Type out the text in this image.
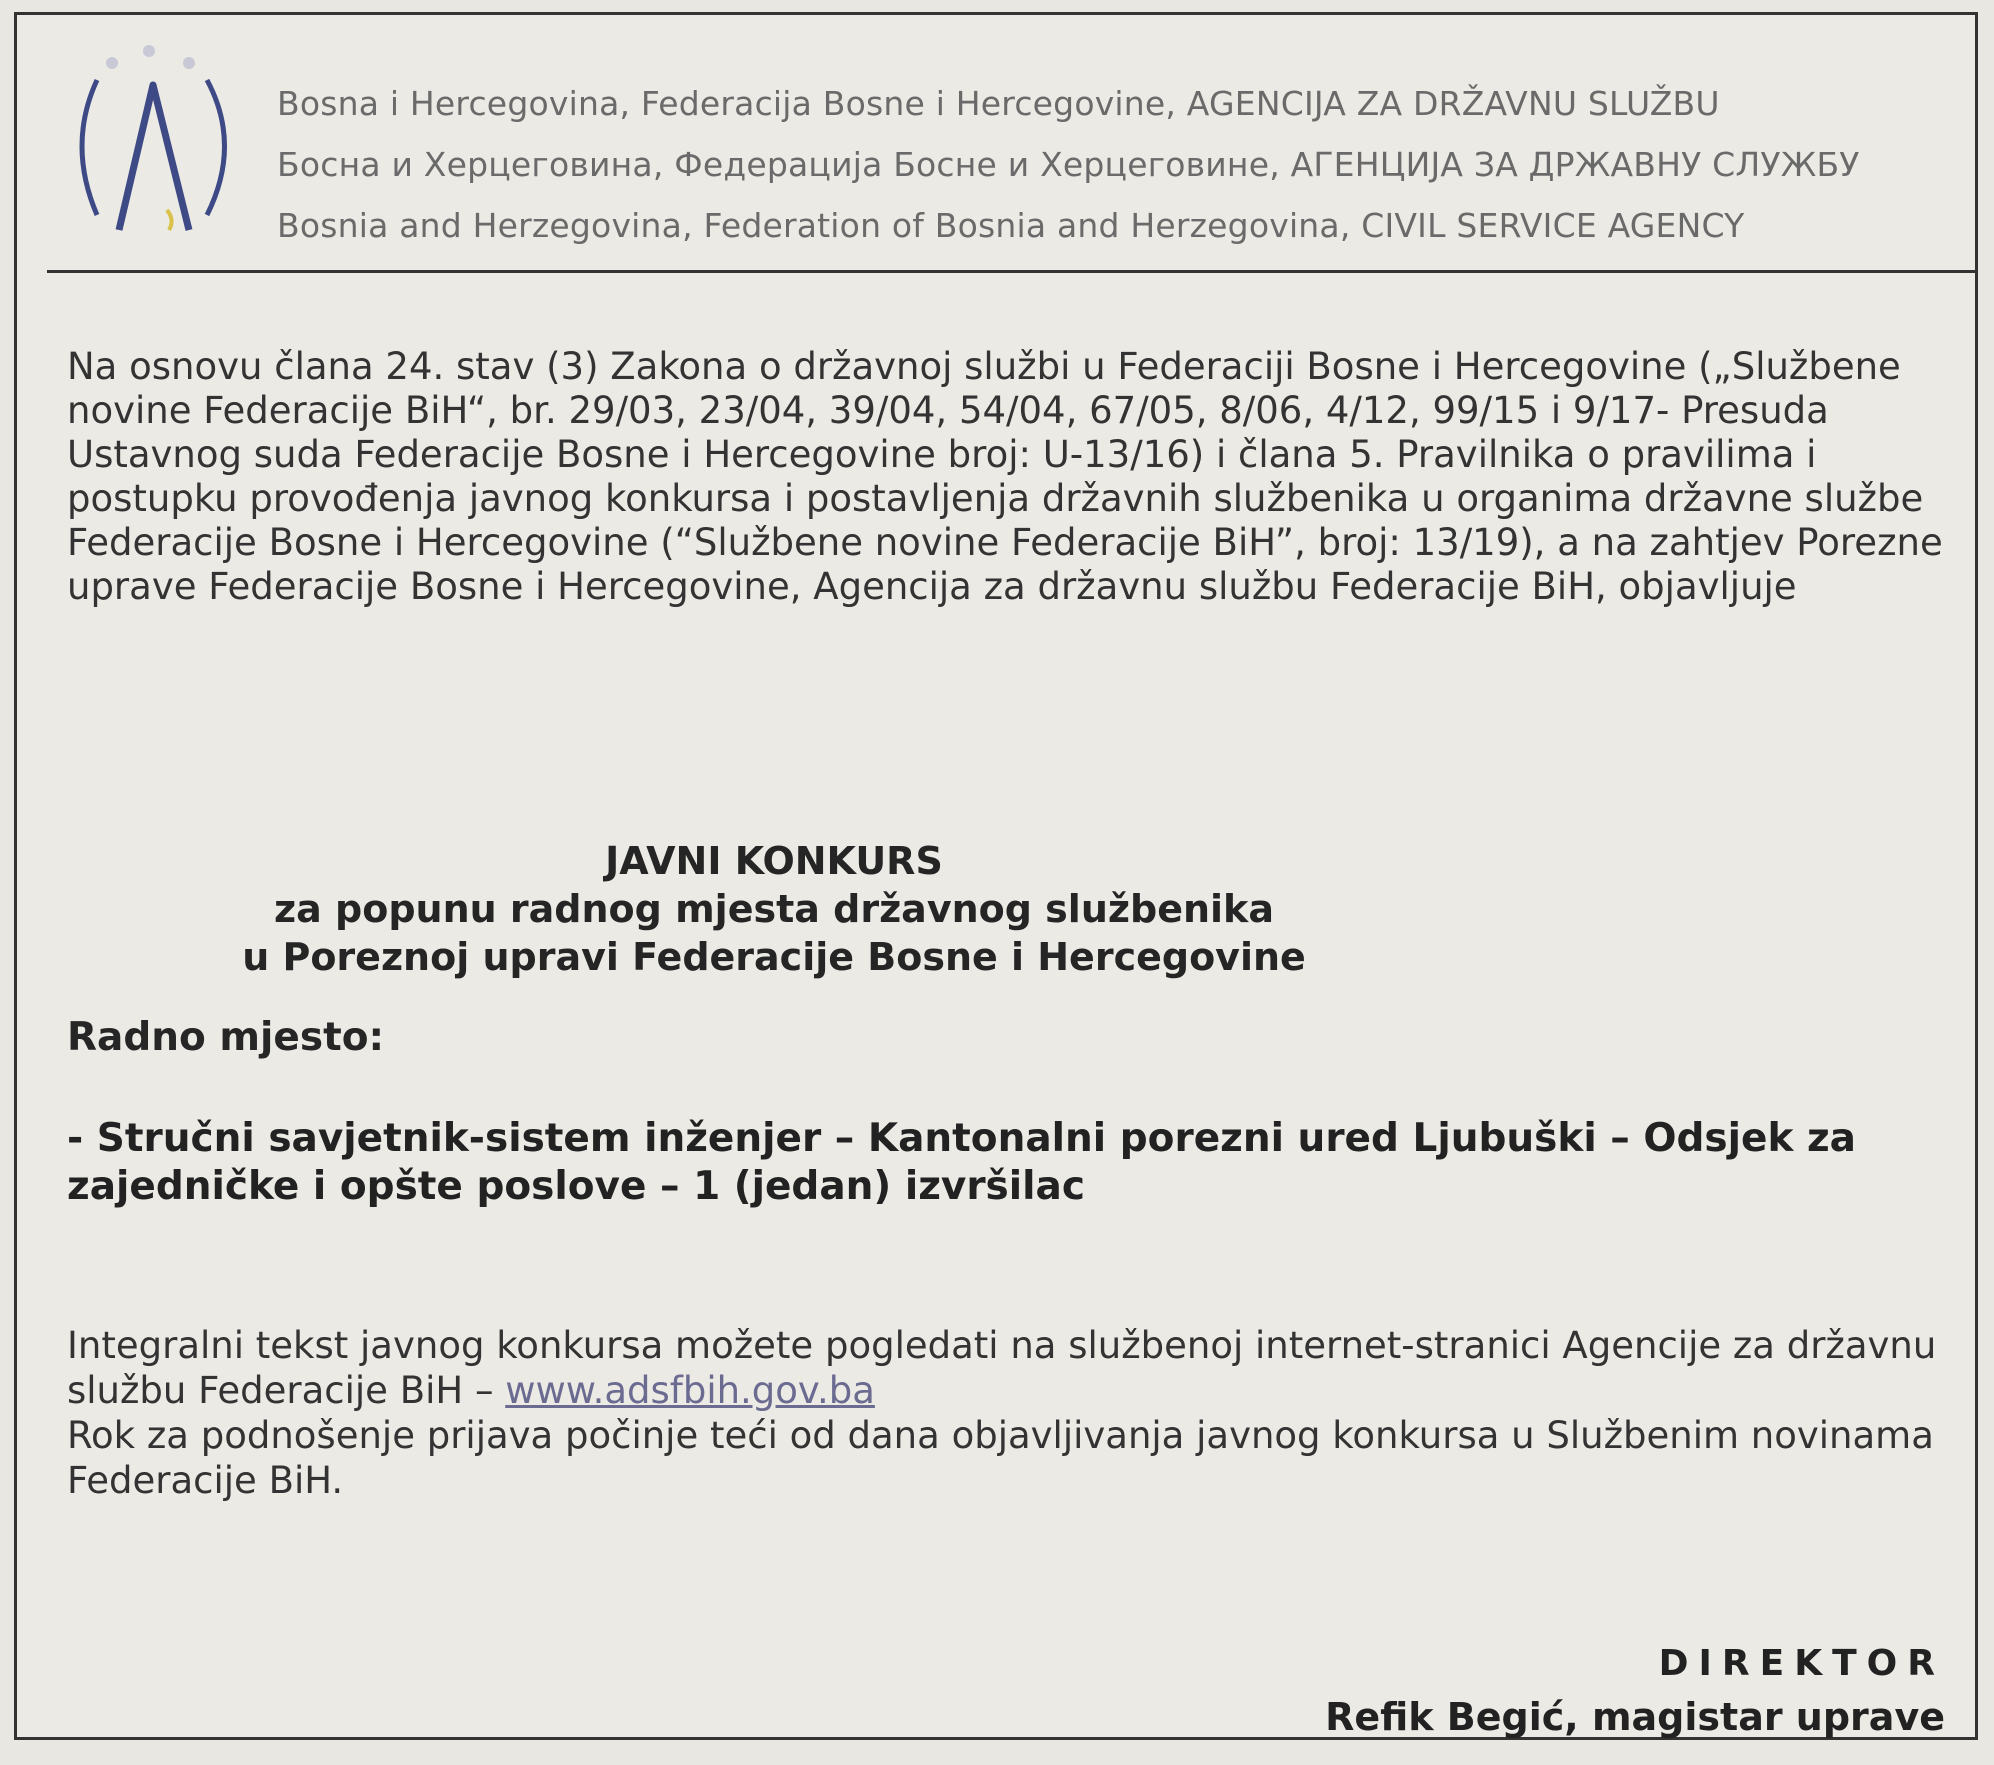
Bosna i Hercegovina, Federacija Bosne i Hercegovine, AGENCIJA ZA DRŽAVNU SLUŽBU
Босна и Херцеговина, Федерација Босне и Херцеговине, АГЕНЦИЈА ЗА ДРЖАВНУ СЛУЖБУ
Bosnia and Herzegovina, Federation of Bosnia and Herzegovina, CIVIL SERVICE AGENCY
Na osnovu člana 24. stav (3) Zakona o državnoj službi u Federaciji Bosne i Hercegovine („Službene novine Federacije BiH“, br. 29/03, 23/04, 39/04, 54/04, 67/05, 8/06, 4/12, 99/15 i 9/17- Presuda Ustavnog suda Federacije Bosne i Hercegovine broj: U-13/16) i člana 5. Pravilnika o pravilima i postupku provođenja javnog konkursa i postavljenja državnih službenika u organima državne službe Federacije Bosne i Hercegovine (“Službene novine Federacije BiH”, broj: 13/19), a na zahtjev Porezne uprave Federacije Bosne i Hercegovine, Agencija za državnu službu Federacije BiH, objavljuje
JAVNI KONKURS
za popunu radnog mjesta državnog službenika
u Poreznoj upravi Federacije Bosne i Hercegovine
Radno mjesto:
- Stručni savjetnik-sistem inženjer – Kantonalni porezni ured Ljubuški – Odsjek za zajedničke i opšte poslove – 1 (jedan) izvršilac
Integralni tekst javnog konkursa možete pogledati na službenoj internet-stranici Agencije za državnu službu Federacije BiH – www.adsfbih.gov.ba
Rok za podnošenje prijava počinje teći od dana objavljivanja javnog konkursa u Službenim novinama Federacije BiH.
DIREKTOR
Refik Begić, magistar uprave
